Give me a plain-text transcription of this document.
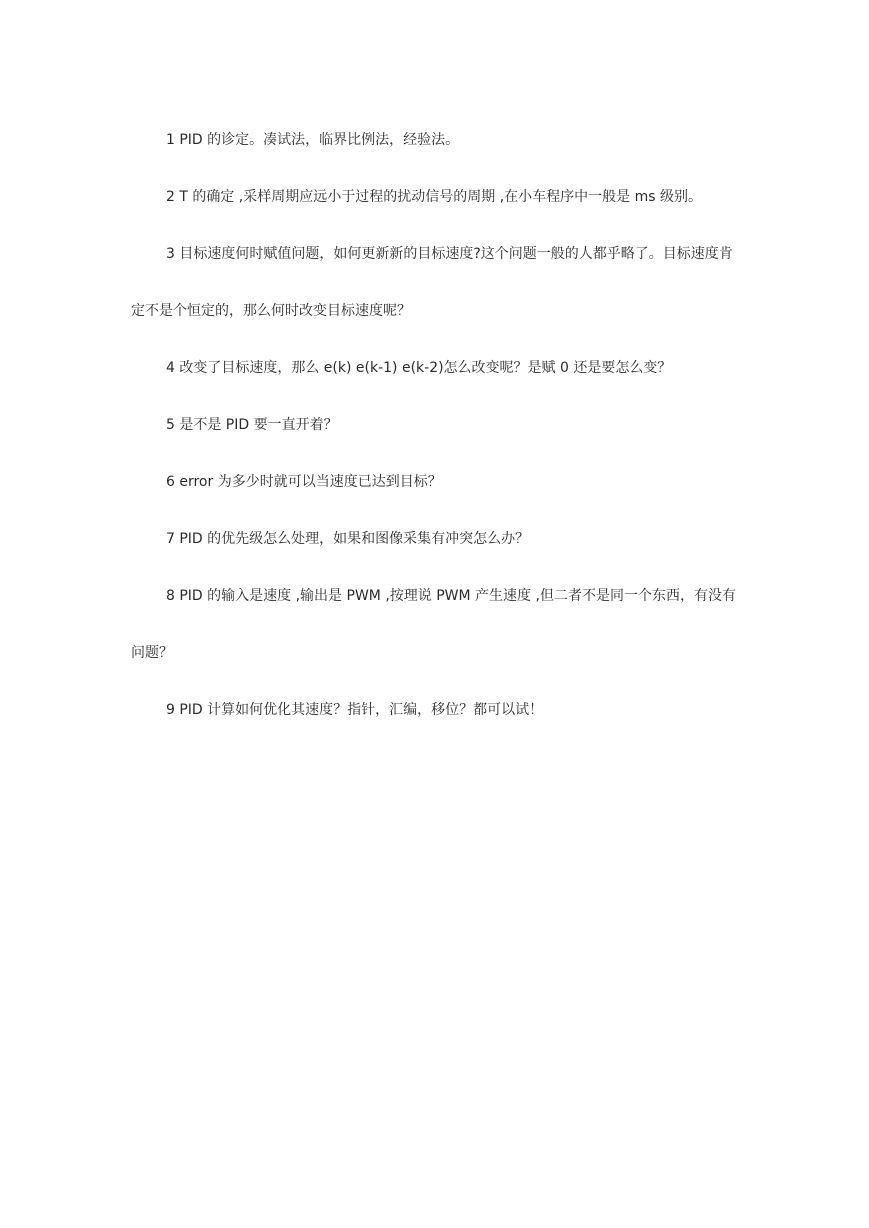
1 PID 的诊定。凑试法，临界比例法，经验法。

2 T 的确定 ,采样周期应远小于过程的扰动信号的周期 ,在小车程序中一般是 ms 级别。

3 目标速度何时赋值问题，如何更新新的目标速度?这个问题一般的人都乎略了。目标速度肯定不是个恒定的，那么何时改变目标速度呢？

4 改变了目标速度，那么 e(k) e(k-1) e(k-2)怎么改变呢？是赋 0 还是要怎么变？

5 是不是 PID 要一直开着？

6 error 为多少时就可以当速度已达到目标？

7 PID 的优先级怎么处理，如果和图像采集有冲突怎么办？

8 PID 的输入是速度 ,输出是 PWM ,按理说 PWM 产生速度 ,但二者不是同一个东西，有没有问题？

9 PID 计算如何优化其速度？指针，汇编，移位？都可以试！
